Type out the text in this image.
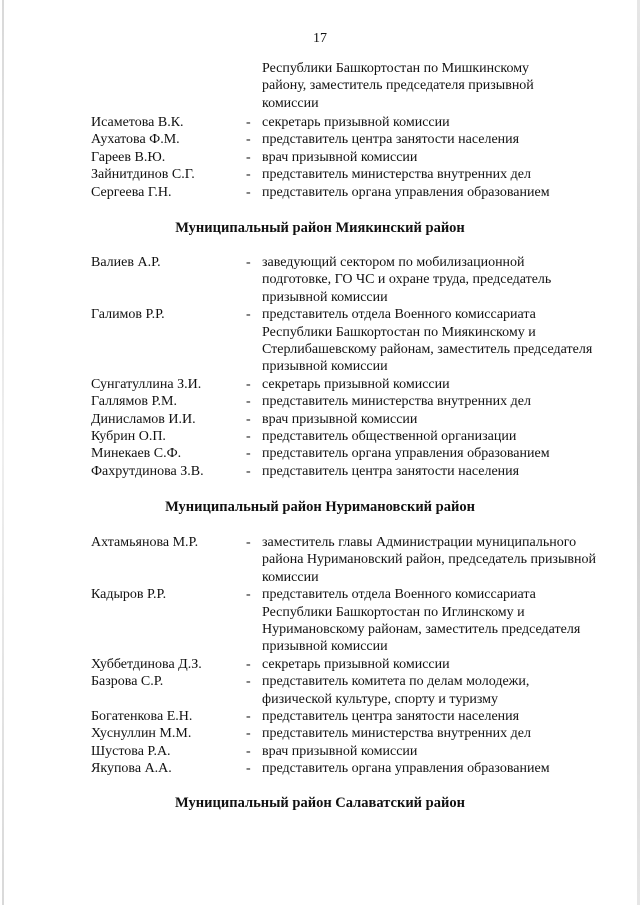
17
Республики Башкортостан по Мишкинскому
району, заместитель председателя призывной
комиссии
Исаметова В.К.	- секретарь призывной комиссии
Аухатова Ф.М.	- представитель центра занятости населения
Гареев В.Ю.	- врач призывной комиссии
Зайнитдинов С.Г.	- представитель министерства внутренних дел
Сергеева Г.Н.	- представитель органа управления образованием
Муниципальный район Миякинский район
Валиев А.Р.	- заведующий сектором по мобилизационной подготовке, ГО ЧС и охране труда, председатель призывной комиссии
Галимов Р.Р.	- представитель отдела Военного комиссариата Республики Башкортостан по Миякинскому и Стерлибашевскому районам, заместитель председателя призывной комиссии
Сунгатуллина З.И.	- секретарь призывной комиссии
Галлямов Р.М.	- представитель министерства внутренних дел
Динисламов И.И.	- врач призывной комиссии
Кубрин О.П.	- представитель общественной организации
Минекаев С.Ф.	- представитель органа управления образованием
Фахрутдинова З.В.	- представитель центра занятости населения
Муниципальный район Нуримановский район
Ахтамьянова М.Р.	- заместитель главы Администрации муниципального района Нуримановский район, председатель призывной комиссии
Кадыров Р.Р.	- представитель отдела Военного комиссариата Республики Башкортостан по Иглинскому и Нуримановскому районам, заместитель председателя призывной комиссии
Хуббетдинова Д.З.	- секретарь призывной комиссии
Базрова С.Р.	- представитель комитета по делам молодежи, физической культуре, спорту и туризму
Богатенкова Е.Н.	- представитель центра занятости населения
Хуснуллин М.М.	- представитель министерства внутренних дел
Шустова Р.А.	- врач призывной комиссии
Якупова А.А.	- представитель органа управления образованием
Муниципальный район Салаватский район
